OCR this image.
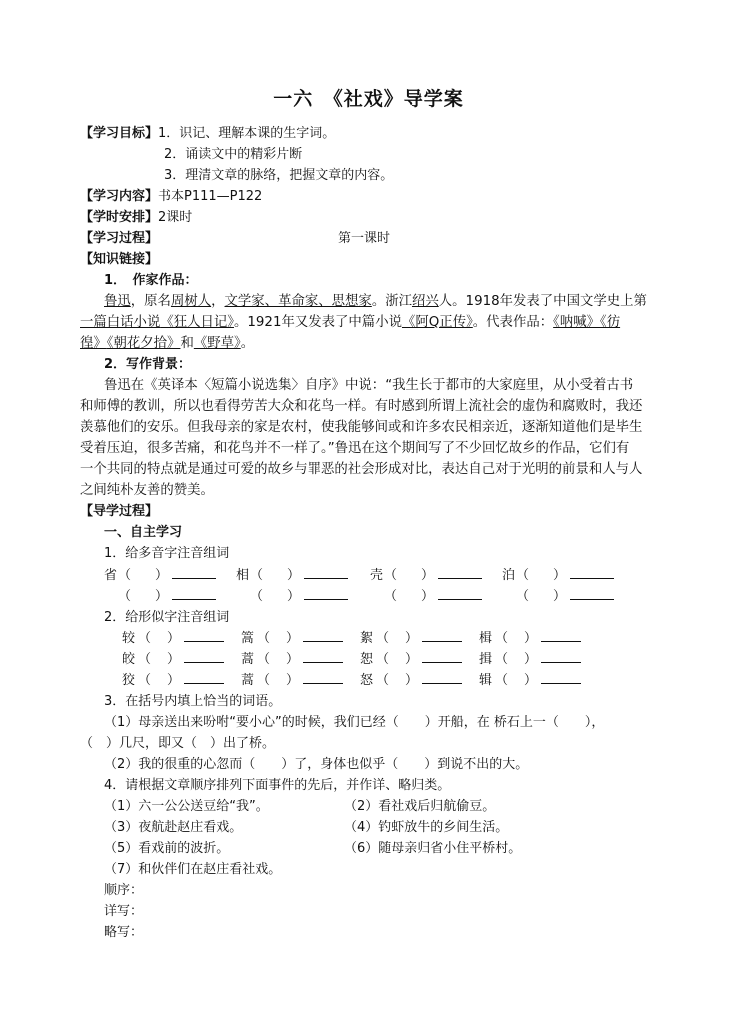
一六　《社戏》导学案
【学习目标】1．识记、理解本课的生字词。
2．诵读文中的精彩片断
3．理清文章的脉络，把握文章的内容。
【学习内容】书本P111—P122
【学时安排】2课时
【学习过程】	第一课时
【知识链接】
1．　作家作品：
鲁迅，原名周树人，文学家、革命家、思想家。浙江绍兴人。1918年发表了中国文学史上第
一篇白话小说《狂人日记》。1921年又发表了中篇小说《阿Q正传》。代表作品：《呐喊》《彷
徨》《朝花夕拾》和《野草》。
2．写作背景：
鲁迅在《英译本〈短篇小说选集〉自序》中说：“我生长于都市的大家庭里，从小受着古书
和师傅的教训，所以也看得劳苦大众和花鸟一样。有时感到所谓上流社会的虚伪和腐败时，我还
羡慕他们的安乐。但我母亲的家是农村，使我能够间或和许多农民相亲近，逐渐知道他们是毕生
受着压迫，很多苦痛，和花鸟并不一样了。”鲁迅在这个期间写了不少回忆故乡的作品，它们有
一个共同的特点就是通过可爱的故乡与罪恶的社会形成对比，表达自己对于光明的前景和人与人
之间纯朴友善的赞美。
【导学过程】
一、自主学习
1．给多音字注音组词
省	相	壳	泊
（ ）	（ ）	（ ）	（ ）
（ ）	（ ）	（ ）	（ ）
2．给形似字注音组词
较 （ ）	篙 （ ）	絮 （ ）	楫 （ ）
皎 （ ）	蒿 （ ）	恕 （ ）	揖 （ ）
狡 （ ）	蒿 （ ）	怒 （ ）	辑 （ ）
3．在括号内填上恰当的词语。
（1）母亲送出来吩咐“要小心”的时候，我们已经（　　）开船，在 桥石上一（　　），
（　）几尺，即又（　）出了桥。
（2）我的很重的心忽而（　　）了，身体也似乎（　　）到说不出的大。
4．请根据文章顺序排列下面事件的先后，并作详、略归类。
（1）六一公公送豆给“我”。	（2）看社戏后归航偷豆。
（3）夜航赴赵庄看戏。	（4）钓虾放牛的乡间生活。
（5）看戏前的波折。	（6）随母亲归省小住平桥村。
（7）和伙伴们在赵庄看社戏。
顺序：
详写：
略写：
